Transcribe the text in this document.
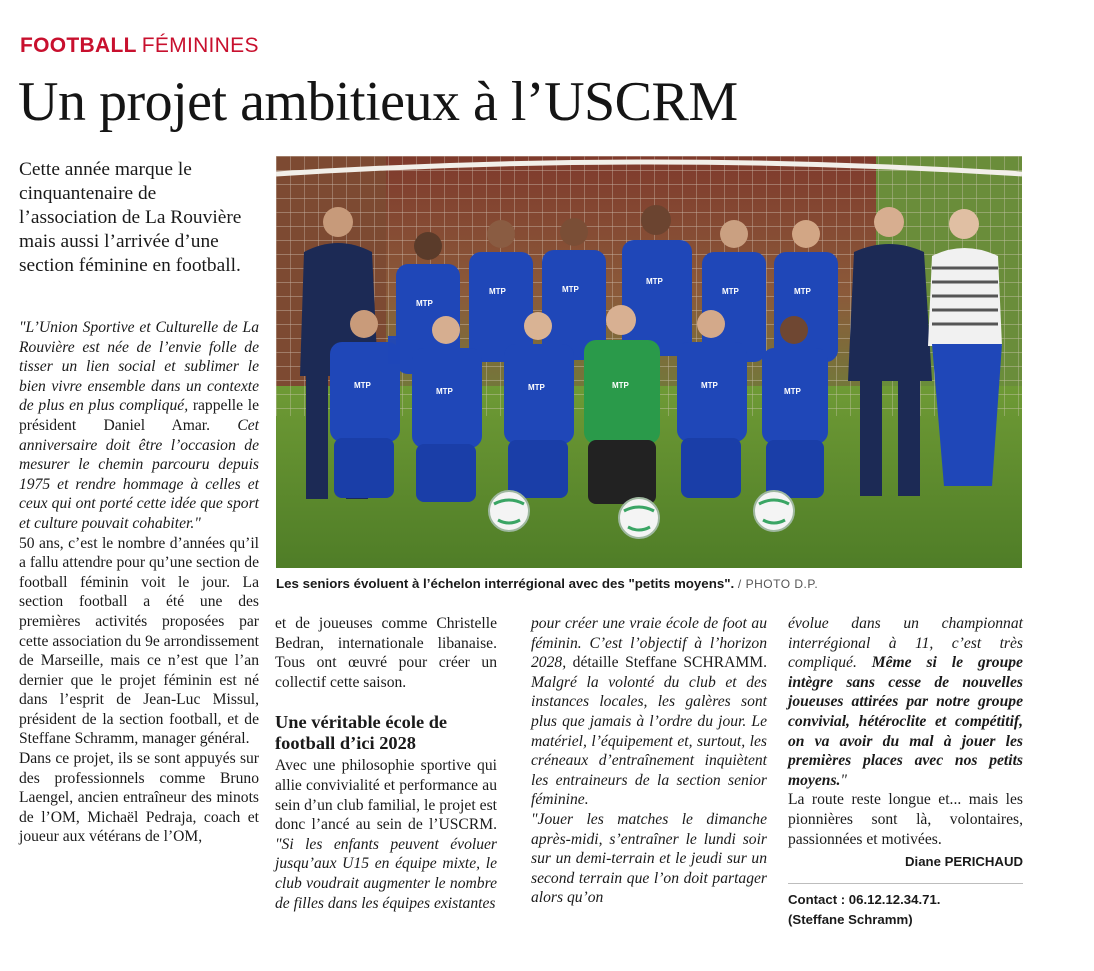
FOOTBALL FÉMININES
Un projet ambitieux à l’USCRM
Cette année marque le cinquantenaire de l’association de La Rouvière mais aussi l’arrivée d’une section féminine en football.
MTP
MTP	MTP
MTP
MTP	MTP
MTP
MTP	MTP	MTP	MTP
MTP
Les seniors évoluent à l’échelon interrégional avec des "petits moyens". / PHOTO D.P.

"L’Union Sportive et Culturelle de La Rouvière est née de l’envie folle de tisser un lien social et sublimer le bien vivre ensemble dans un contexte de plus en plus compliqué, rappelle le président Daniel Amar. Cet anniversaire doit être l’occasion de mesurer le chemin parcouru depuis 1975 et rendre hommage à celles et ceux qui ont porté cette idée que sport et culture pouvait cohabiter."

50 ans, c’est le nombre d’années qu’il a fallu attendre pour qu’une section de football féminin voit le jour. La section football a été une des premières activités proposées par cette association du 9e arrondissement de Marseille, mais ce n’est que l’an dernier que le projet féminin est né dans l’esprit de Jean-Luc Missul, président de la section football, et de Steffane Schramm, manager général.

Dans ce projet, ils se sont appuyés sur des professionnels comme Bruno Laengel, ancien entraîneur des minots de l’OM, Michaël Pedraja, coach et joueur aux vétérans de l’OM,

et de joueuses comme Christelle Bedran, internationale libanaise. Tous ont œuvré pour créer un collectif cette saison.

Une véritable école de football d’ici 2028

Avec une philosophie sportive qui allie convivialité et performance au sein d’un club familial, le projet est donc l’ancé au sein de l’USCRM. "Si les enfants peuvent évoluer jusqu’aux U15 en équipe mixte, le club voudrait augmenter le nombre de filles dans les équipes existantes

pour créer une vraie école de foot au féminin. C’est l’objectif à l’horizon 2028, détaille Steffane SCHRAMM. Malgré la volonté du club et des instances locales, les galères sont plus que jamais à l’ordre du jour. Le matériel, l’équipement et, surtout, les créneaux d’entraînement inquiètent les entraineurs de la section senior féminine.

"Jouer les matches le dimanche après-midi, s’entraîner le lundi soir sur un demi-terrain et le jeudi sur un second terrain que l’on doit partager alors qu’on

évolue dans un championnat interrégional à 11, c’est très compliqué. Même si le groupe intègre sans cesse de nouvelles joueuses attirées par notre groupe convivial, hétéroclite et compétitif, on va avoir du mal à jouer les premières places avec nos petits moyens."

La route reste longue et... mais les pionnières sont là, volontaires, passionnées et motivées.

Diane PERICHAUD
Contact : 06.12.12.34.71.
(Steffane Schramm)
